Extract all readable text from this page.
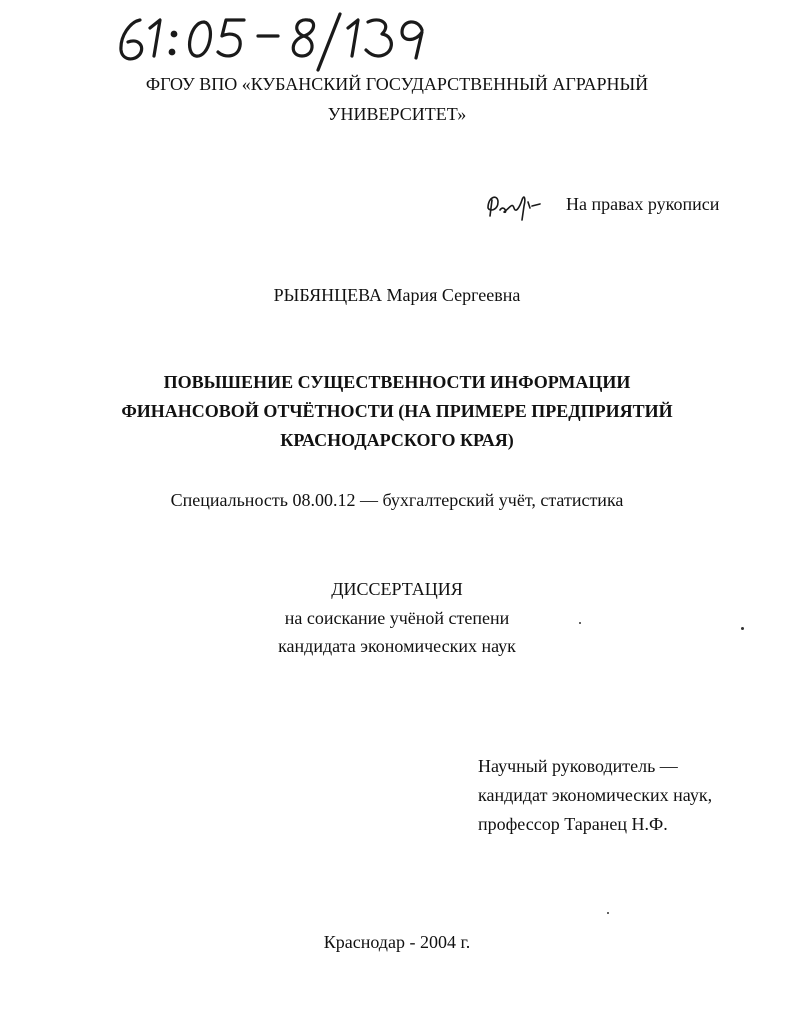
ФГОУ ВПО «КУБАНСКИЙ ГОСУДАРСТВЕННЫЙ АГРАРНЫЙ
УНИВЕРСИТЕТ»
На правах рукописи
РЫБЯНЦЕВА Мария Сергеевна
ПОВЫШЕНИЕ СУЩЕСТВЕННОСТИ ИНФОРМАЦИИ
ФИНАНСОВОЙ ОТЧЁТНОСТИ (НА ПРИМЕРЕ ПРЕДПРИЯТИЙ
КРАСНОДАРСКОГО КРАЯ)
Специальность 08.00.12 — бухгалтерский учёт, статистика
ДИССЕРТАЦИЯ
на соискание учёной степени
кандидата экономических наук
Научный руководитель —
кандидат экономических наук,
профессор Таранец Н.Ф.
Краснодар - 2004 г.
